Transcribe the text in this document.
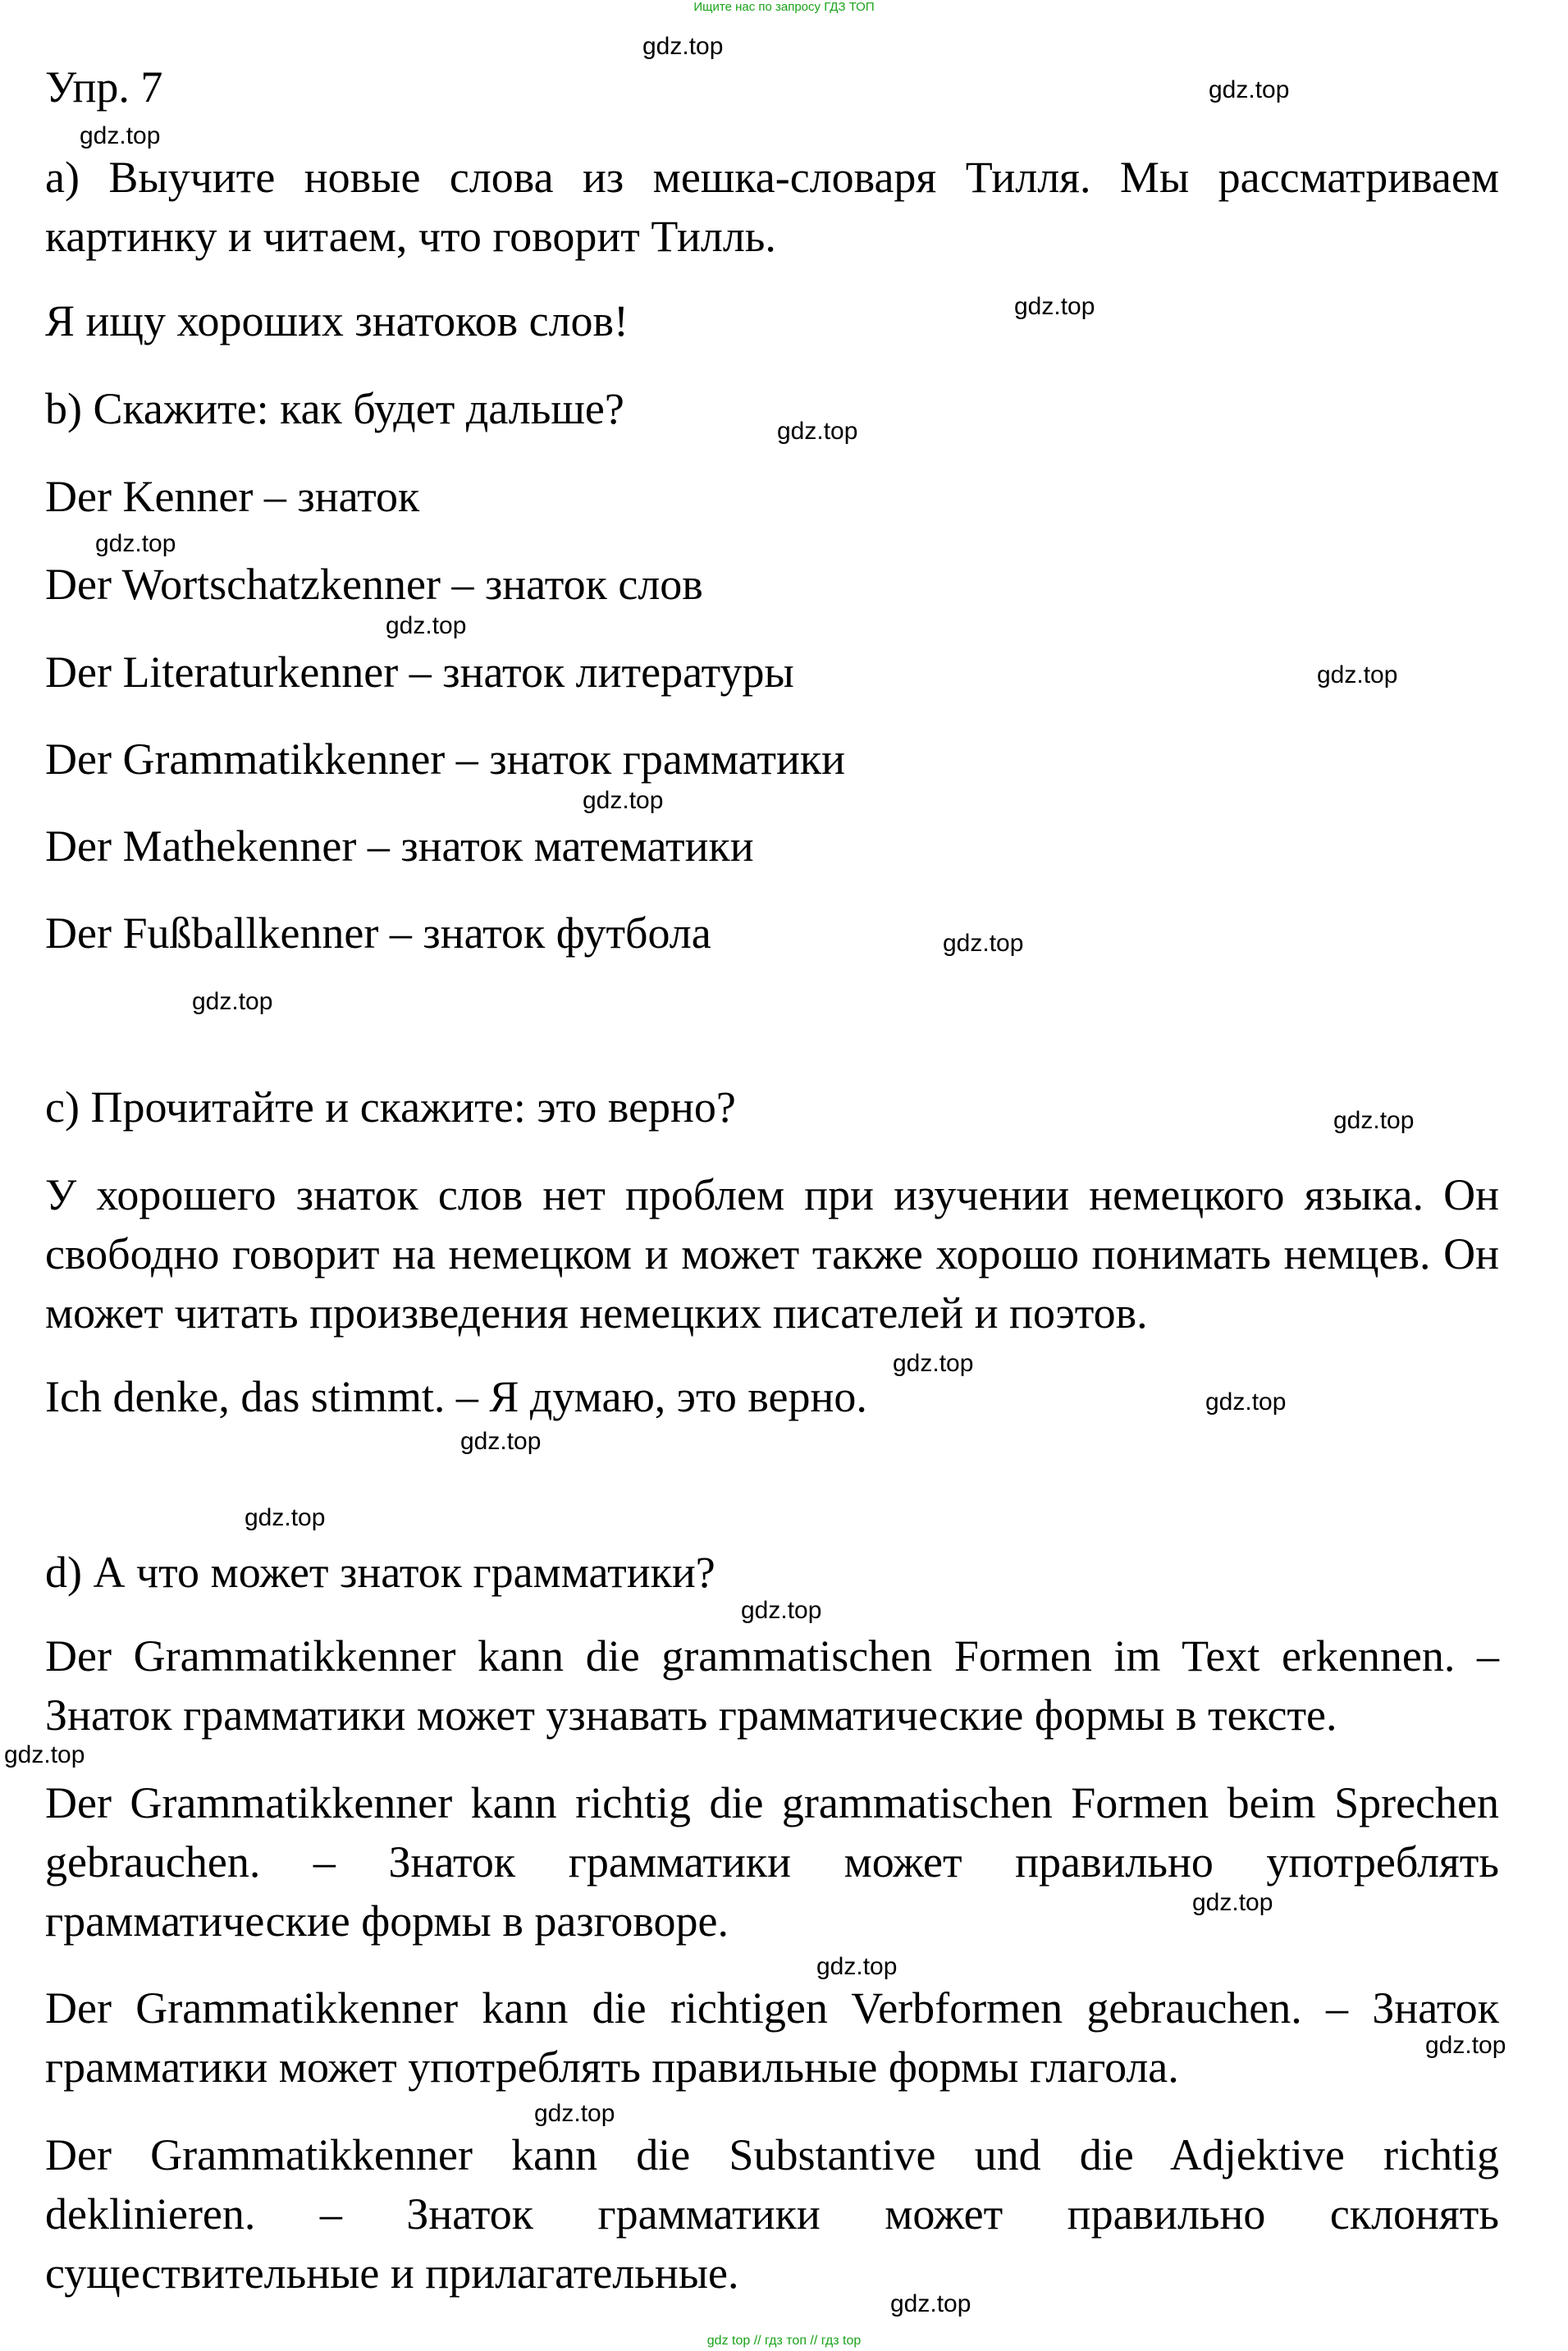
Ищите нас по запросу ГДЗ ТОП
Упр. 7
a) Выучите новые слова из мешка-словаря Тилля. Мы рассматриваем картинку и читаем, что говорит Тилль.
Я ищу хороших знатоков слов!
b) Скажите: как будет дальше?
Der Kenner – знаток
Der Wortschatzkenner – знаток слов
Der Literaturkenner – знаток литературы
Der Grammatikkenner – знаток грамматики
Der Mathekenner – знаток математики
Der Fußballkenner – знаток футбола
c) Прочитайте и скажите: это верно?
У хорошего знаток слов нет проблем при изучении немецкого языка. Он свободно говорит на немецком и может также хорошо понимать немцев. Он может читать произведения немецких писателей и поэтов.
Ich denke, das stimmt. – Я думаю, это верно.
d) А что может знаток грамматики?
Der Grammatikkenner kann die grammatischen Formen im Text erkennen. – Знаток грамматики может узнавать грамматические формы в тексте.
Der Grammatikkenner kann richtig die grammatischen Formen beim Sprechen gebrauchen. – Знаток грамматики может правильно употреблять грамматические формы в разговоре.
Der Grammatikkenner kann die richtigen Verbformen gebrauchen. – Знаток грамматики может употреблять правильные формы глагола.
Der Grammatikkenner kann die Substantive und die Adjektive richtig deklinieren. – Знаток грамматики может правильно склонять существительные и прилагательные.
gdz.top
gdz.top
gdz.top
gdz.top
gdz.top
gdz.top
gdz.top
gdz.top
gdz.top
gdz.top
gdz.top
gdz.top
gdz.top
gdz.top
gdz.top
gdz.top
gdz.top
gdz.top
gdz.top
gdz.top
gdz.top
gdz.top
gdz.top
gdz top // гдз топ // гдз top
